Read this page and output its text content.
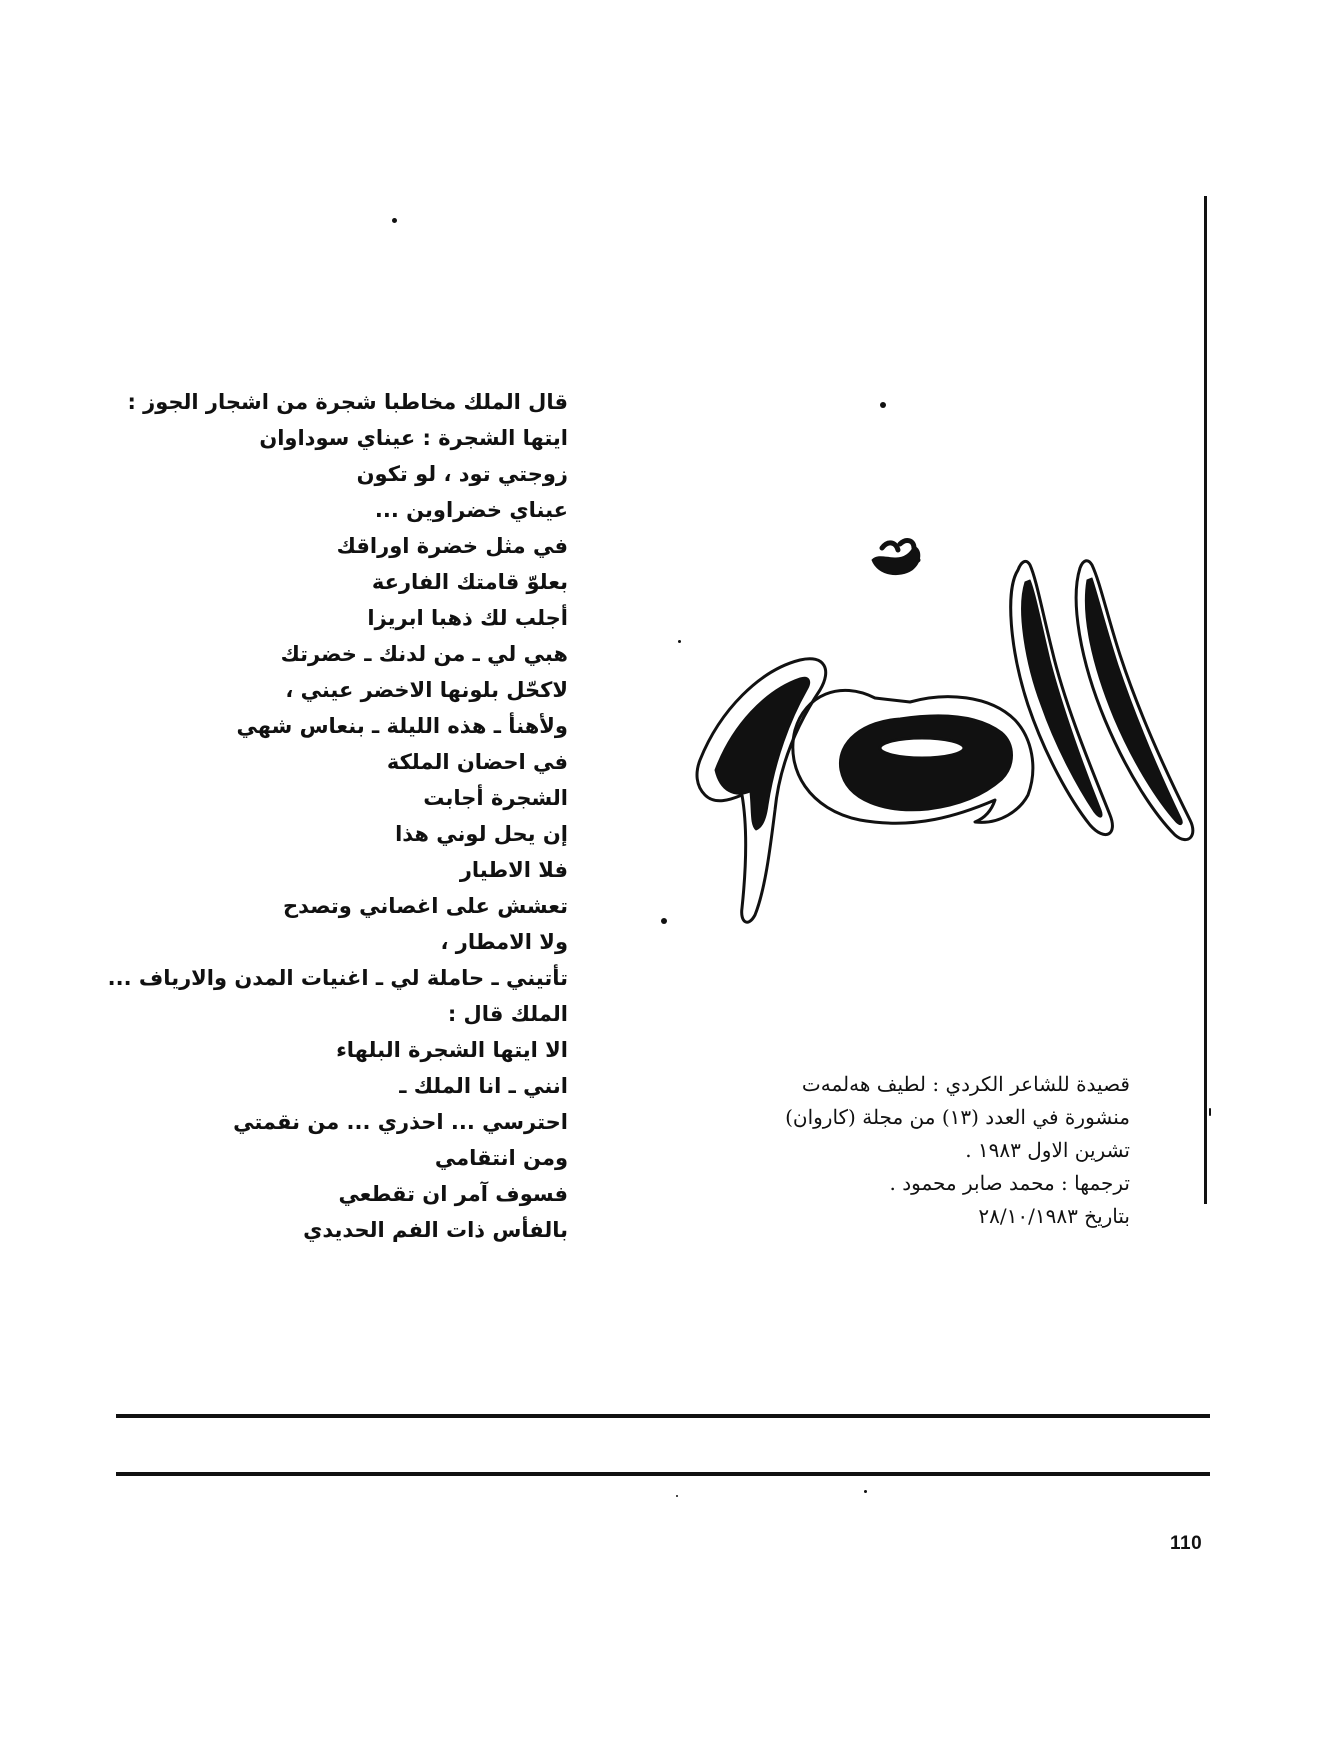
قال الملك مخاطبا شجرة من اشجار الجوز :
ايتها الشجرة : عيناي سوداوان
زوجتي تود ، لو تكون
عيناي خضراوين ...
في مثل خضرة اوراقك
بعلوّ قامتك الفارعة
أجلب لك ذهبا ابريزا
هبي لي ـ من لدنك ـ خضرتك
لاكحّل بلونها الاخضر عيني ،
ولأهنأ ـ هذه الليلة ـ بنعاس شهي
في احضان الملكة
الشجرة أجابت
إن يحل لوني هذا
فلا الاطيار
تعشش على اغصاني وتصدح
ولا الامطار ،
تأتيني ـ حاملة لي ـ اغنيات المدن والارياف ...
الملك قال :
الا ايتها الشجرة البلهاء
انني ـ انا الملك ـ
احترسي ... احذري ... من نقمتي
ومن انتقامي
فسوف آمر ان تقطعي
بالفأس ذات الفم الحديدي
قصيدة للشاعر الكردي : لطيف هه‌لمه‌ت
منشورة في العدد (١٣) من مجلة (كاروان)
تشرين الاول ١٩٨٣ .
ترجمها : محمد صابر محمود .
بتاريخ ٢٨/١٠/١٩٨٣
110
